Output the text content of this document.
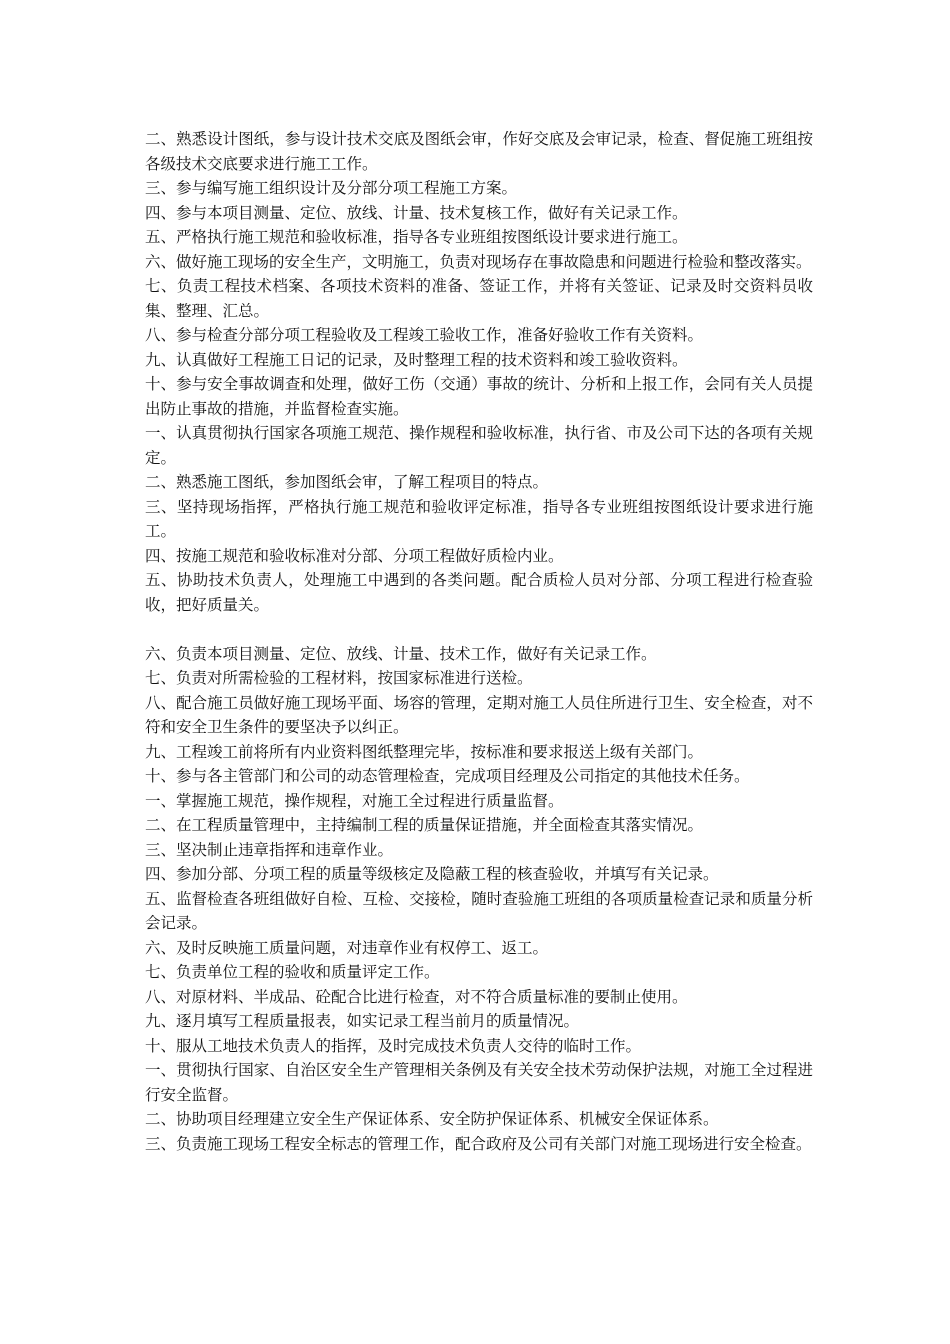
二、熟悉设计图纸，参与设计技术交底及图纸会审，作好交底及会审记录，检查、督促施工班组按各级技术交底要求进行施工工作。

三、参与编写施工组织设计及分部分项工程施工方案。

四、参与本项目测量、定位、放线、计量、技术复核工作，做好有关记录工作。

五、严格执行施工规范和验收标准，指导各专业班组按图纸设计要求进行施工。

六、做好施工现场的安全生产，文明施工，负责对现场存在事故隐患和问题进行检验和整改落实。

七、负责工程技术档案、各项技术资料的准备、签证工作，并将有关签证、记录及时交资料员收集、整理、汇总。

八、参与检查分部分项工程验收及工程竣工验收工作，准备好验收工作有关资料。

九、认真做好工程施工日记的记录，及时整理工程的技术资料和竣工验收资料。

十、参与安全事故调查和处理，做好工伤（交通）事故的统计、分析和上报工作，会同有关人员提出防止事故的措施，并监督检查实施。

一、认真贯彻执行国家各项施工规范、操作规程和验收标准，执行省、市及公司下达的各项有关规定。

二、熟悉施工图纸，参加图纸会审，了解工程项目的特点。

三、坚持现场指挥，严格执行施工规范和验收评定标准，指导各专业班组按图纸设计要求进行施工。

四、按施工规范和验收标准对分部、分项工程做好质检内业。

五、协助技术负责人，处理施工中遇到的各类问题。配合质检人员对分部、分项工程进行检查验收，把好质量关。

六、负责本项目测量、定位、放线、计量、技术工作，做好有关记录工作。

七、负责对所需检验的工程材料，按国家标准进行送检。

八、配合施工员做好施工现场平面、场容的管理，定期对施工人员住所进行卫生、安全检查，对不符和安全卫生条件的要坚决予以纠正。

九、工程竣工前将所有内业资料图纸整理完毕，按标准和要求报送上级有关部门。

十、参与各主管部门和公司的动态管理检查，完成项目经理及公司指定的其他技术任务。

一、掌握施工规范，操作规程，对施工全过程进行质量监督。

二、在工程质量管理中，主持编制工程的质量保证措施，并全面检查其落实情况。

三、坚决制止违章指挥和违章作业。

四、参加分部、分项工程的质量等级核定及隐蔽工程的核查验收，并填写有关记录。

五、监督检查各班组做好自检、互检、交接检，随时查验施工班组的各项质量检查记录和质量分析会记录。

六、及时反映施工质量问题，对违章作业有权停工、返工。

七、负责单位工程的验收和质量评定工作。

八、对原材料、半成品、砼配合比进行检查，对不符合质量标准的要制止使用。

九、逐月填写工程质量报表，如实记录工程当前月的质量情况。

十、服从工地技术负责人的指挥，及时完成技术负责人交待的临时工作。

一、贯彻执行国家、自治区安全生产管理相关条例及有关安全技术劳动保护法规，对施工全过程进行安全监督。

二、协助项目经理建立安全生产保证体系、安全防护保证体系、机械安全保证体系。

三、负责施工现场工程安全标志的管理工作，配合政府及公司有关部门对施工现场进行安全检查。
